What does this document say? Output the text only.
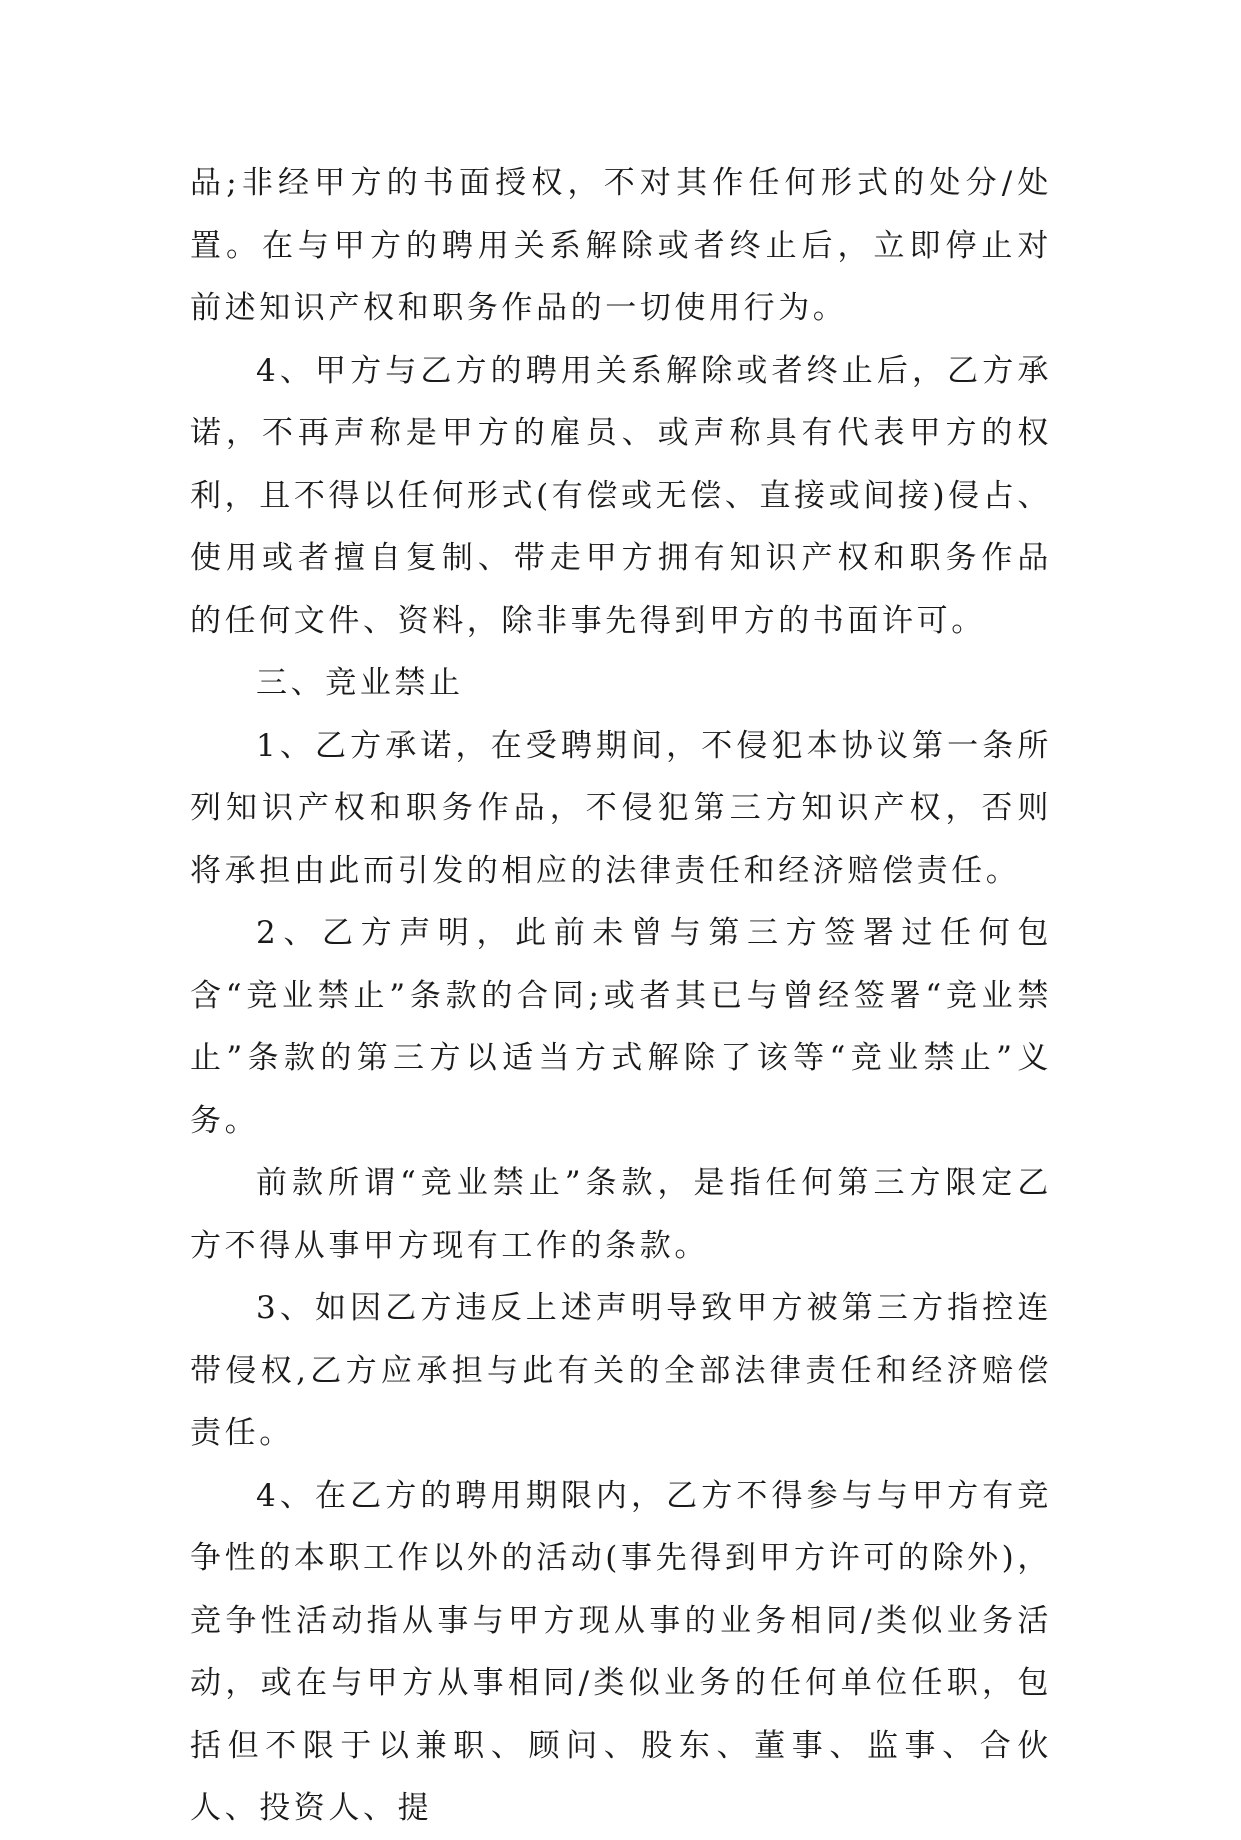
品;非经甲方的书面授权，不对其作任何形式的处分/处置。在与甲方的聘用关系解除或者终止后，立即停止对前述知识产权和职务作品的一切使用行为。

4、甲方与乙方的聘用关系解除或者终止后，乙方承诺，不再声称是甲方的雇员、或声称具有代表甲方的权利，且不得以任何形式(有偿或无偿、直接或间接)侵占、使用或者擅自复制、带走甲方拥有知识产权和职务作品的任何文件、资料，除非事先得到甲方的书面许可。

三、竞业禁止

1、乙方承诺，在受聘期间，不侵犯本协议第一条所列知识产权和职务作品，不侵犯第三方知识产权，否则将承担由此而引发的相应的法律责任和经济赔偿责任。

2、乙方声明，此前未曾与第三方签署过任何包含“竞业禁止”条款的合同;或者其已与曾经签署“竞业禁止”条款的第三方以适当方式解除了该等“竞业禁止”义务。

前款所谓“竞业禁止”条款，是指任何第三方限定乙方不得从事甲方现有工作的条款。

3、如因乙方违反上述声明导致甲方被第三方指控连带侵权,乙方应承担与此有关的全部法律责任和经济赔偿责任。

4、在乙方的聘用期限内，乙方不得参与与甲方有竞争性的本职工作以外的活动(事先得到甲方许可的除外)，竞争性活动指从事与甲方现从事的业务相同/类似业务活动，或在与甲方从事相同/类似业务的任何单位任职，包括但不限于以兼职、顾问、股东、董事、监事、合伙人、投资人、提
